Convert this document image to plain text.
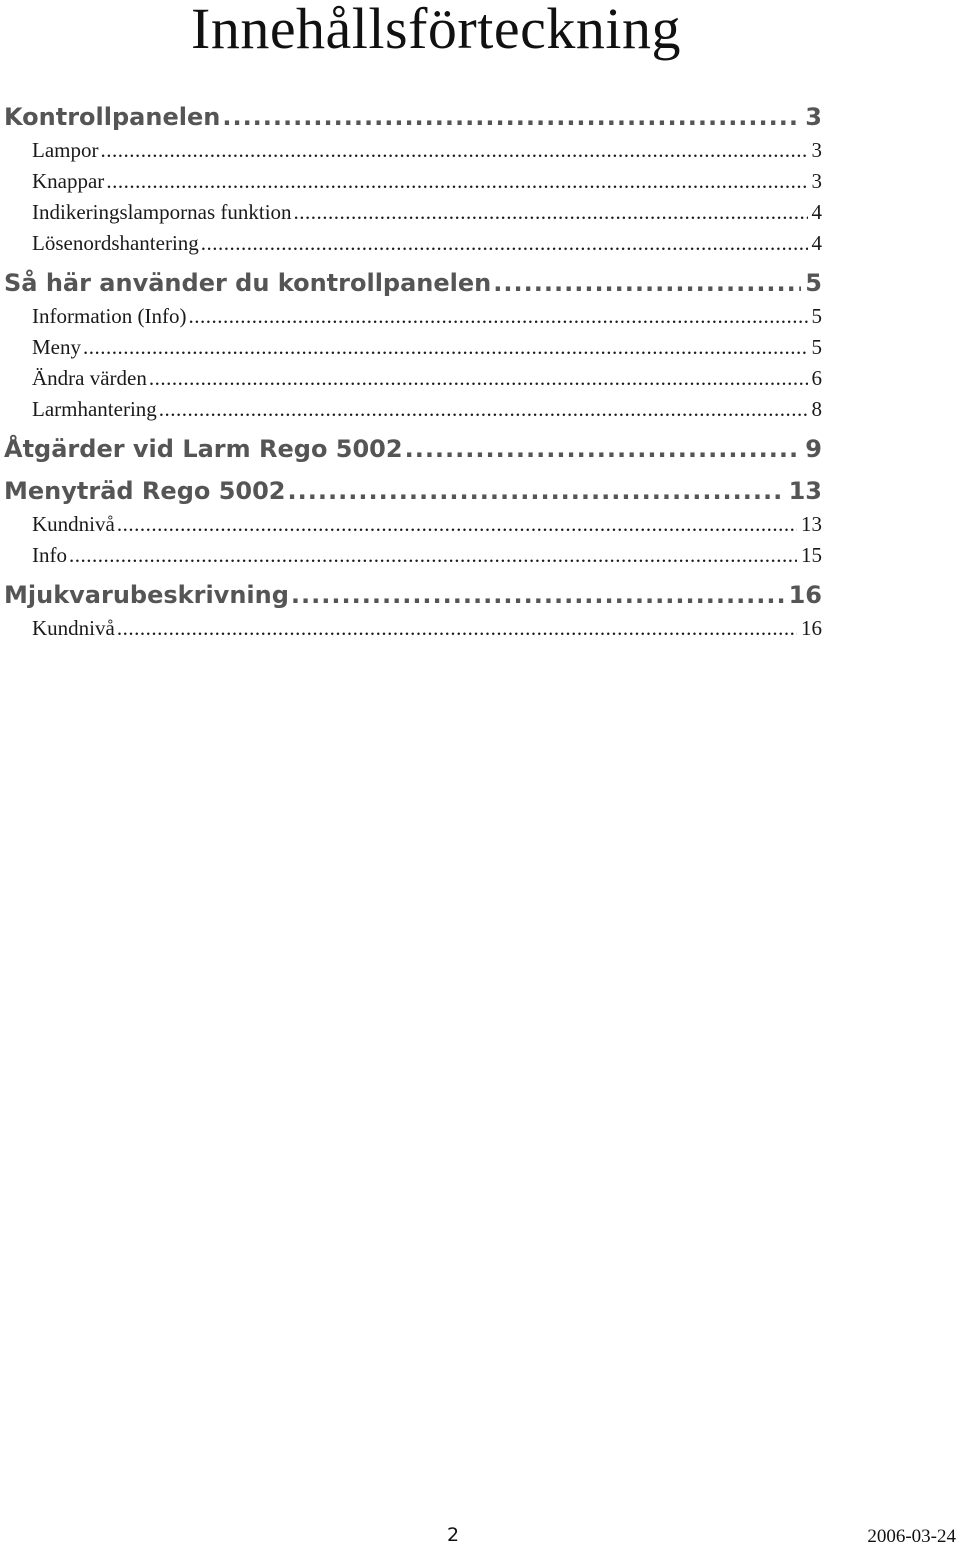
Innehållsförteckning
Kontrollpanelen .....	3
Lampor .....	3
Knappar .....	3
Indikeringslampornas funktion .....	4
Lösenordshantering .....	4
Så här använder du kontrollpanelen .....	5
Information (Info) .....	5
Meny .....	5
Ändra värden .....	6
Larmhantering .....	8
Åtgärder vid Larm Rego 5002 .....	9
Menyträd Rego 5002 .....	13
Kundnivå .....	13
Info .....	15
Mjukvarubeskrivning .....	16
Kundnivå .....	16
2	2006-03-24
